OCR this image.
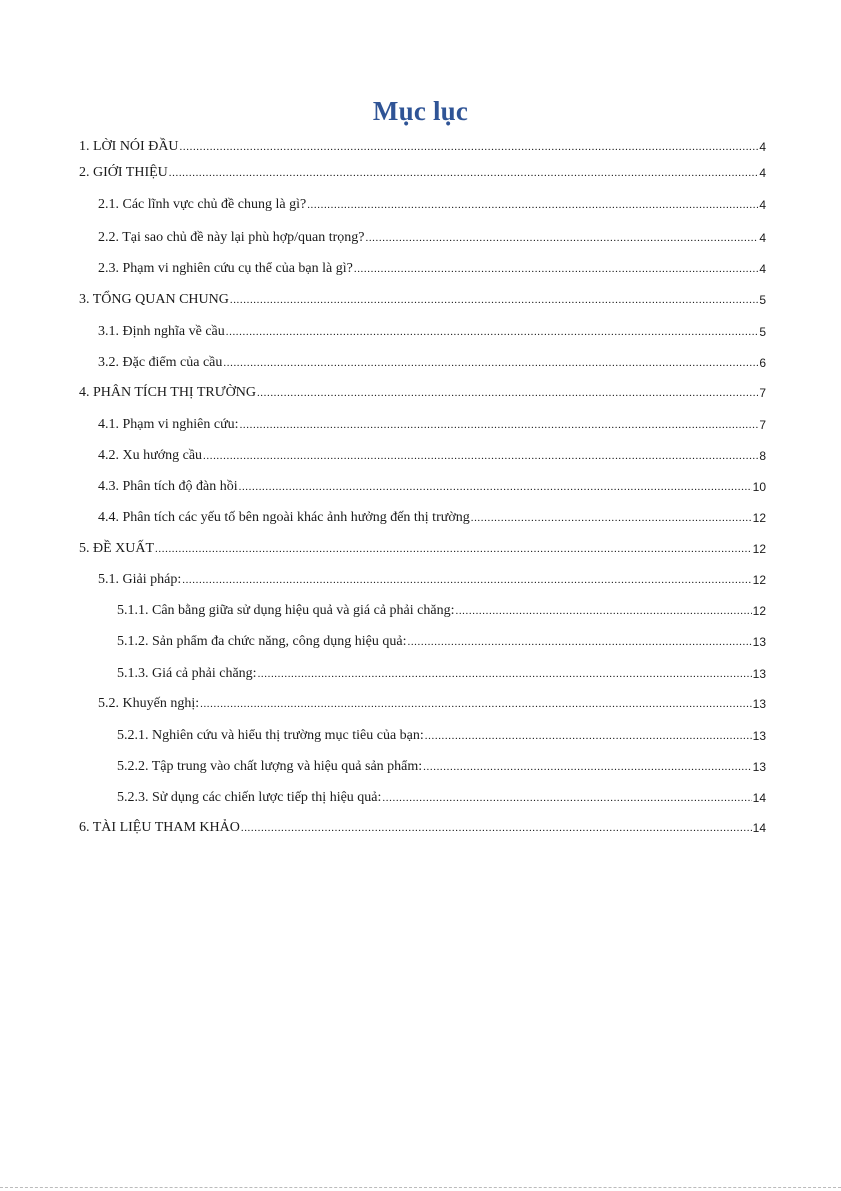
Mục lục
1. LỜI NÓI ĐẦU .....	4
2. GIỚI THIỆU .....	4
2.1. Các lĩnh vực chủ đề chung là gì? .....	4
2.2. Tại sao chủ đề này lại phù hợp/quan trọng? .....	4
2.3. Phạm vi nghiên cứu cụ thể của bạn là gì? .....	4
3. TỔNG QUAN CHUNG .....	5
3.1. Định nghĩa về cầu .....	5
3.2. Đặc điểm của cầu .....	6
4. PHÂN TÍCH THỊ TRƯỜNG .....	7
4.1. Phạm vi nghiên cứu: .....	7
4.2. Xu hướng cầu .....	8
4.3. Phân tích độ đàn hồi .....	10
4.4. Phân tích các yếu tố bên ngoài khác ảnh hưởng đến thị trường .....	12
5. ĐỀ XUẤT .....	12
5.1. Giải pháp: .....	12
5.1.1. Cân bằng giữa sử dụng hiệu quả và giá cả phải chăng: .....	12
5.1.2. Sản phẩm đa chức năng, công dụng hiệu quả: .....	13
5.1.3. Giá cả phải chăng: .....	13
5.2. Khuyến nghị: .....	13
5.2.1. Nghiên cứu và hiểu thị trường mục tiêu của bạn: .....	13
5.2.2. Tập trung vào chất lượng và hiệu quả sản phẩm: .....	13
5.2.3. Sử dụng các chiến lược tiếp thị hiệu quả: .....	14
6. TÀI LIỆU THAM KHẢO .....	14
